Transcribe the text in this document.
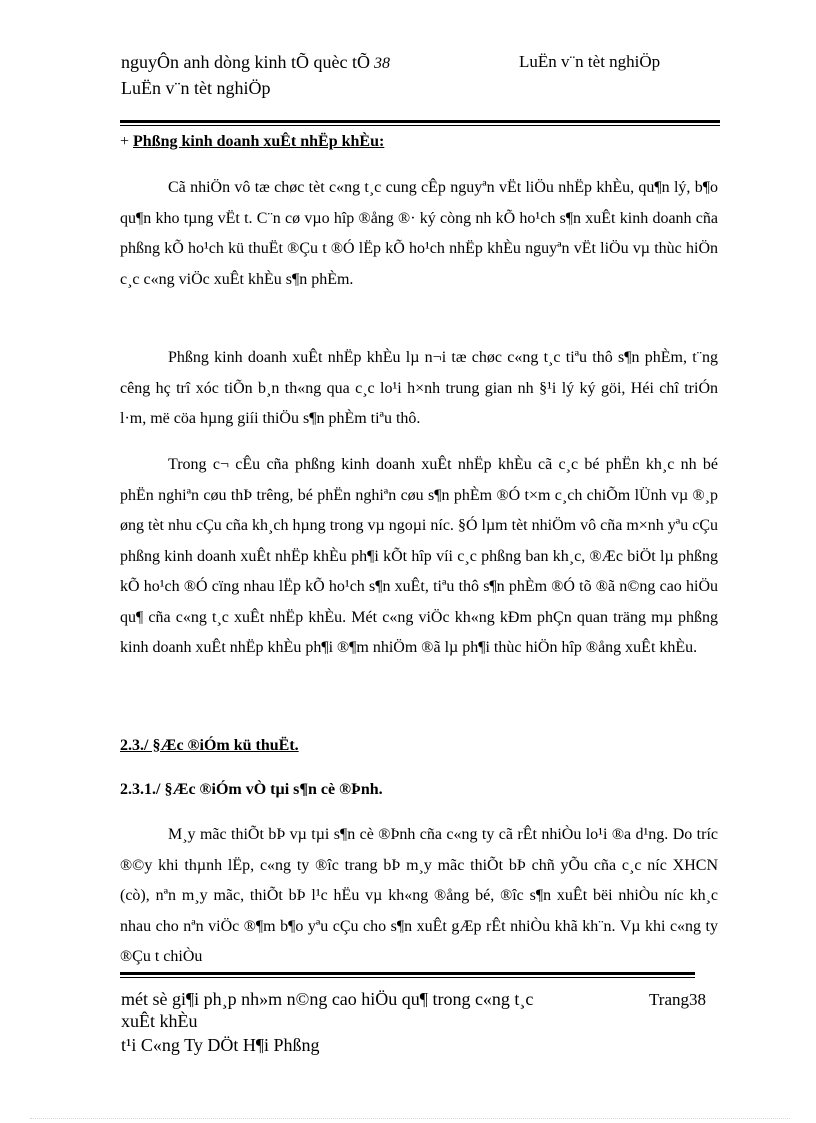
nguyÔn anh dòng kinh tÕ quèc tÕ 38
LuËn v¨n tèt nghiÖp
LuËn v¨n tèt nghiÖp
+ Phßng kinh doanh xuÊt nhËp khÈu:

Cã nhiÖn vô tæ chøc tèt c«ng t¸c cung cÊp nguyªn vËt liÖu nhËp khÈu, qu¶n lý, b¶o qu¶n kho tµng vËt t. C¨n cø vµo hîp ®ång ®· ký còng nh kÕ ho¹ch s¶n xuÊt kinh doanh cña phßng kÕ ho¹ch kü thuËt ®Çu t ®Ó lËp kÕ ho¹ch nhËp khÈu nguyªn vËt liÖu vµ thùc hiÖn c¸c c«ng viÖc xuÊt khÈu s¶n phÈm.

Phßng kinh doanh xuÊt nhËp khÈu lµ n¬i tæ chøc c«ng t¸c tiªu thô s¶n phÈm, t¨ng cêng hç trî xóc tiÕn b¸n th«ng qua c¸c lo¹i h×nh trung gian nh §¹i lý ký göi, Héi chî triÓn l·m, më cöa hµng giíi thiÖu s¶n phÈm tiªu thô.

Trong c¬ cÊu cña phßng kinh doanh xuÊt nhËp khÈu cã c¸c bé phËn kh¸c nh bé phËn nghiªn cøu thÞ trêng, bé phËn nghiªn cøu s¶n phÈm ®Ó t×m c¸ch chiÕm lÜnh vµ ®¸p øng tèt nhu cÇu cña kh¸ch hµng trong vµ ngoµi níc. §Ó lµm tèt nhiÖm vô cña m×nh yªu cÇu phßng kinh doanh xuÊt nhËp khÈu ph¶i kÕt hîp víi c¸c phßng ban kh¸c, ®Æc biÖt lµ phßng kÕ ho¹ch ®Ó cïng nhau lËp kÕ ho¹ch s¶n xuÊt, tiªu thô s¶n phÈm ®Ó tõ ®ã n©ng cao hiÖu qu¶ cña c«ng t¸c xuÊt nhËp khÈu. Mét c«ng viÖc kh«ng kÐm phÇn quan träng mµ phßng kinh doanh xuÊt nhËp khÈu ph¶i ®¶m nhiÖm ®ã lµ ph¶i thùc hiÖn hîp ®ång xuÊt khÈu.

2.3./ §Æc ®iÓm kü thuËt.
2.3.1./ §Æc ®iÓm vÒ tµi s¶n cè ®Þnh.

M¸y mãc thiÕt bÞ vµ tµi s¶n cè ®Þnh cña c«ng ty cã rÊt nhiÒu lo¹i ®a d¹ng. Do tríc ®©y khi thµnh lËp, c«ng ty ®îc trang bÞ m¸y mãc thiÕt bÞ chñ yÕu cña c¸c níc XHCN (cò), nªn m¸y mãc, thiÕt bÞ l¹c hËu vµ kh«ng ®ång bé, ®îc s¶n xuÊt bëi nhiÒu níc kh¸c nhau cho nªn viÖc ®¶m b¶o yªu cÇu cho s¶n xuÊt gÆp rÊt nhiÒu khã kh¨n. Vµ khi c«ng ty ®Çu t chiÒu

mét sè gi¶i ph¸p nh»m n©ng cao hiÖu qu¶ trong c«ng t¸c
xuÊt khÈu
t¹i C«ng Ty DÖt H¶i Phßng
Trang38
